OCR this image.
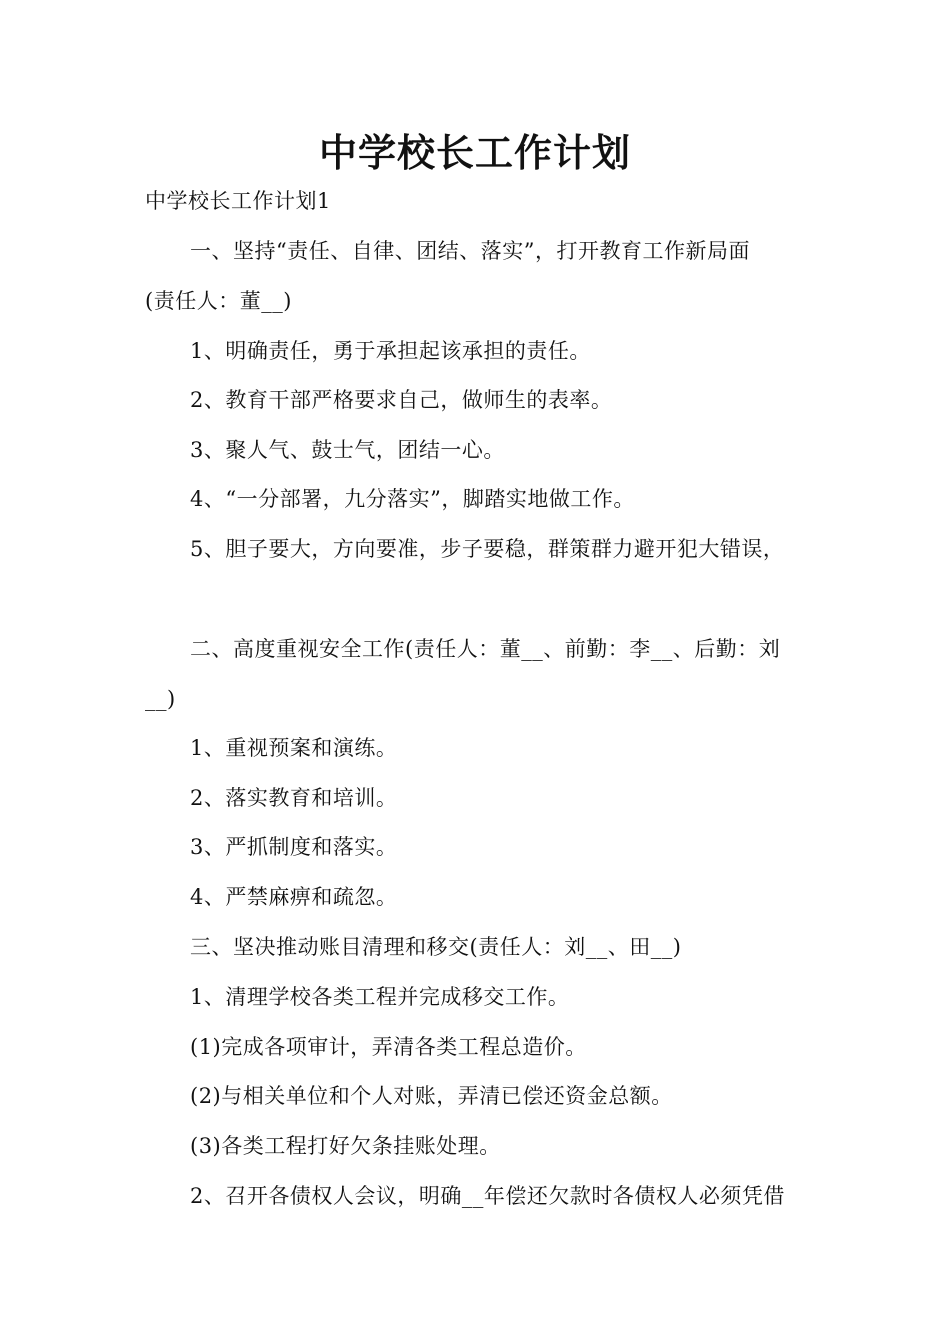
中学校长工作计划
中学校长工作计划1
一、坚持“责任、自律、团结、落实”，打开教育工作新局面
(责任人：董__)
1、明确责任，勇于承担起该承担的责任。
2、教育干部严格要求自己，做师生的表率。
3、聚人气、鼓士气，团结一心。
4、“一分部署，九分落实”，脚踏实地做工作。
5、胆子要大，方向要准，步子要稳，群策群力避开犯大错误，
二、高度重视安全工作(责任人：董__、前勤：李__、后勤：刘
__)
1、重视预案和演练。
2、落实教育和培训。
3、严抓制度和落实。
4、严禁麻痹和疏忽。
三、坚决推动账目清理和移交(责任人：刘__、田__)
1、清理学校各类工程并完成移交工作。
(1)完成各项审计，弄清各类工程总造价。
(2)与相关单位和个人对账，弄清已偿还资金总额。
(3)各类工程打好欠条挂账处理。
2、召开各债权人会议，明确__年偿还欠款时各债权人必须凭借
